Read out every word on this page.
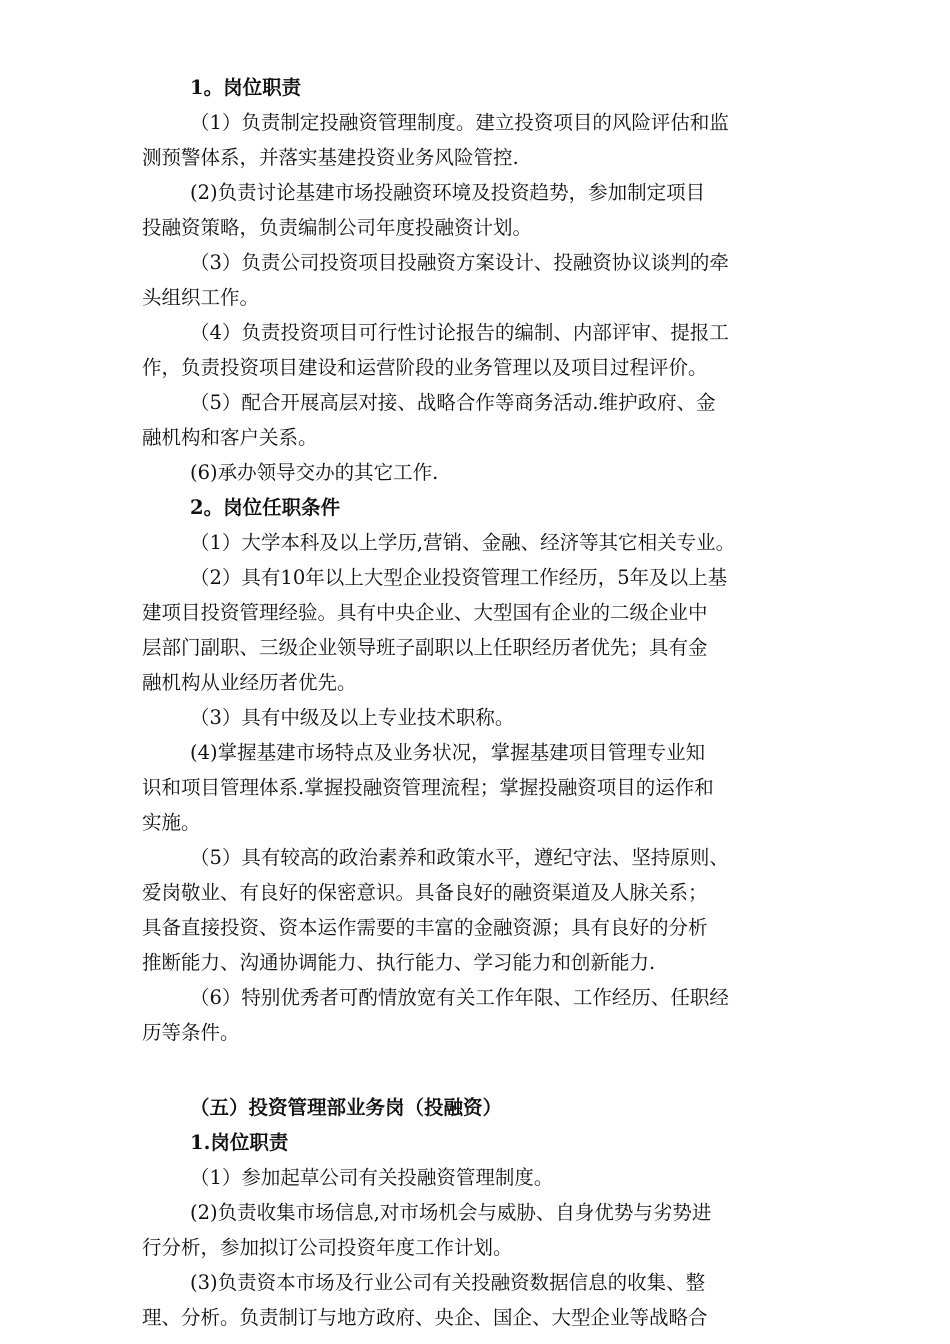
1。岗位职责
（1）负责制定投融资管理制度。建立投资项目的风险评估和监
测预警体系，并落实基建投资业务风险管控.
(2)负责讨论基建市场投融资环境及投资趋势，参加制定项目
投融资策略，负责编制公司年度投融资计划。
（3）负责公司投资项目投融资方案设计、投融资协议谈判的牵
头组织工作。
（4）负责投资项目可行性讨论报告的编制、内部评审、提报工
作，负责投资项目建设和运营阶段的业务管理以及项目过程评价。
（5）配合开展高层对接、战略合作等商务活动.维护政府、金
融机构和客户关系。
(6)承办领导交办的其它工作.
2。岗位任职条件
（1）大学本科及以上学历,营销、金融、经济等其它相关专业。
（2）具有10年以上大型企业投资管理工作经历，5年及以上基
建项目投资管理经验。具有中央企业、大型国有企业的二级企业中
层部门副职、三级企业领导班子副职以上任职经历者优先；具有金
融机构从业经历者优先。
（3）具有中级及以上专业技术职称。
(4)掌握基建市场特点及业务状况，掌握基建项目管理专业知
识和项目管理体系.掌握投融资管理流程；掌握投融资项目的运作和
实施。
（5）具有较高的政治素养和政策水平，遵纪守法、坚持原则、
爱岗敬业、有良好的保密意识。具备良好的融资渠道及人脉关系；
具备直接投资、资本运作需要的丰富的金融资源；具有良好的分析
推断能力、沟通协调能力、执行能力、学习能力和创新能力.
（6）特别优秀者可酌情放宽有关工作年限、工作经历、任职经
历等条件。
（五）投资管理部业务岗（投融资）
1.岗位职责
（1）参加起草公司有关投融资管理制度。
(2)负责收集市场信息,对市场机会与威胁、自身优势与劣势进
行分析，参加拟订公司投资年度工作计划。
(3)负责资本市场及行业公司有关投融资数据信息的收集、整
理、分析。负责制订与地方政府、央企、国企、大型企业等战略合
